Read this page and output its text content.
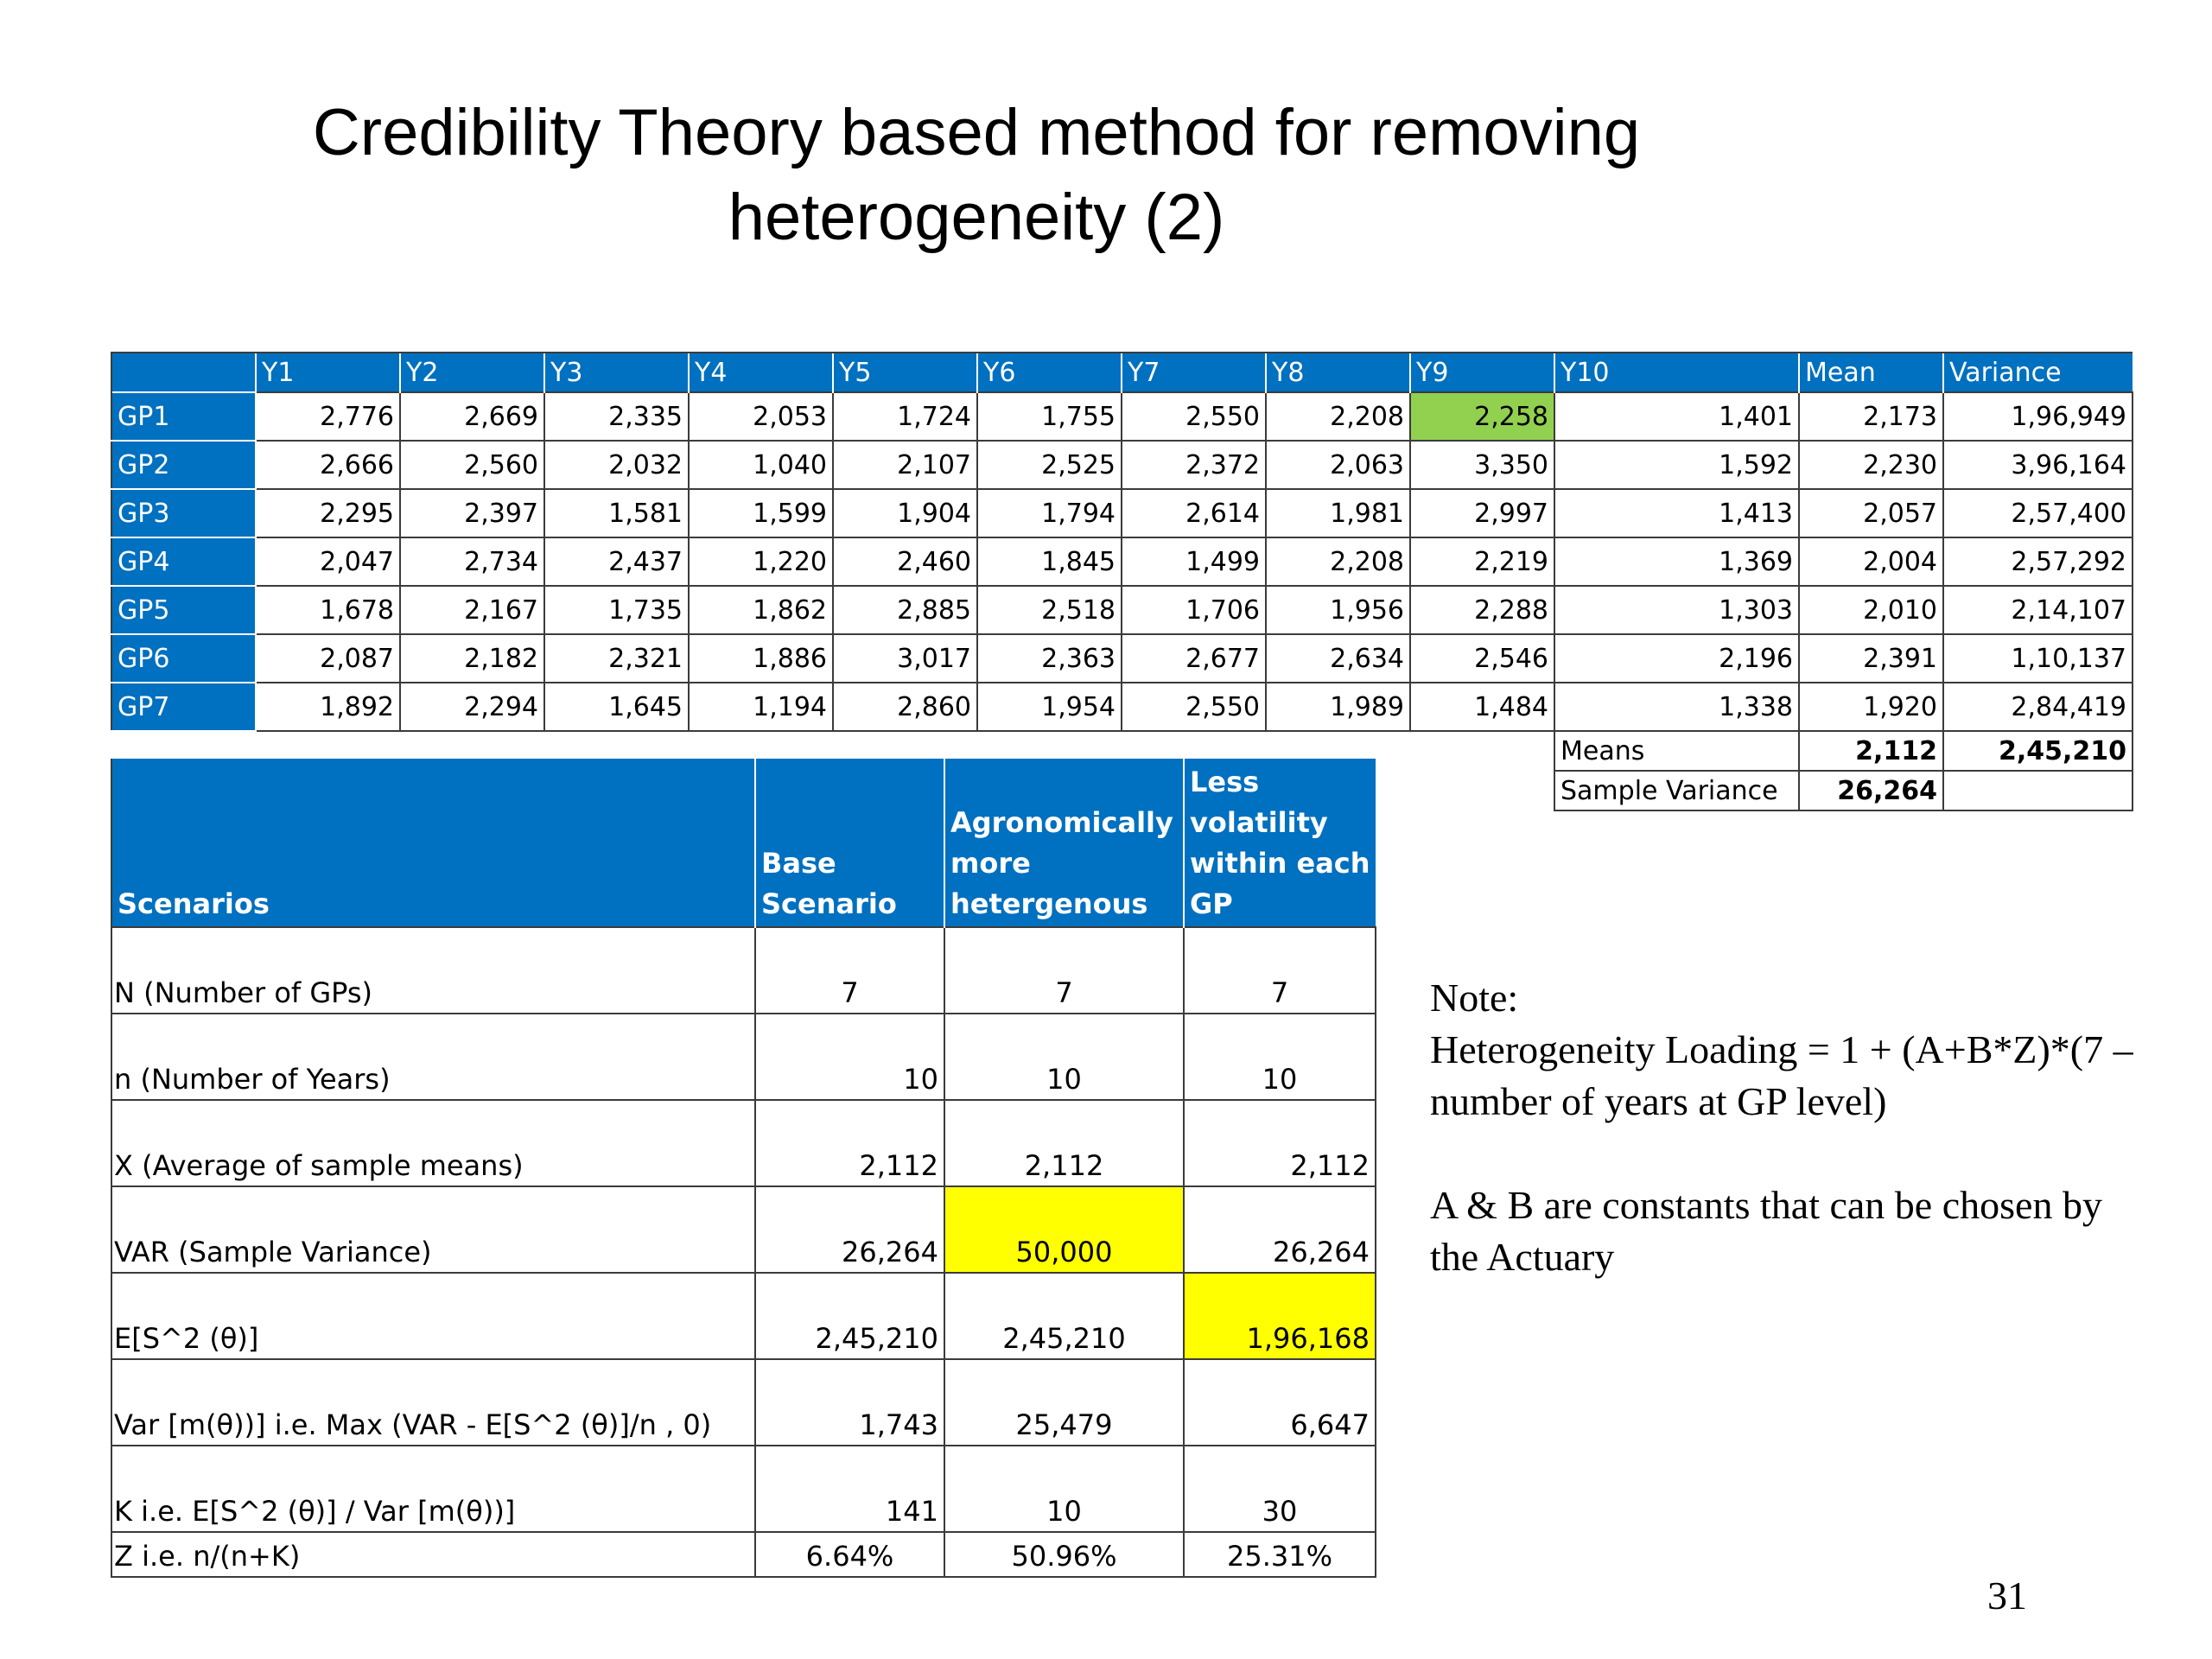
Credibility Theory based method for removing
heterogeneity (2)
	Y1	Y2	Y3	Y4	Y5	Y6	Y7	Y8	Y9	Y10	Mean	Variance
GP1	2,776	2,669	2,335	2,053	1,724	1,755	2,550	2,208	2,258	1,401	2,173	1,96,949
GP2	2,666	2,560	2,032	1,040	2,107	2,525	2,372	2,063	3,350	1,592	2,230	3,96,164
GP3	2,295	2,397	1,581	1,599	1,904	1,794	2,614	1,981	2,997	1,413	2,057	2,57,400
GP4	2,047	2,734	2,437	1,220	2,460	1,845	1,499	2,208	2,219	1,369	2,004	2,57,292
GP5	1,678	2,167	1,735	1,862	2,885	2,518	1,706	1,956	2,288	1,303	2,010	2,14,107
GP6	2,087	2,182	2,321	1,886	3,017	2,363	2,677	2,634	2,546	2,196	2,391	1,10,137
GP7	1,892	2,294	1,645	1,194	2,860	1,954	2,550	1,989	1,484	1,338	1,920	2,84,419
										Means	2,112	2,45,210
										Sample Variance	26,264	
Scenarios	Base Scenario	Agronomically more hetergenous	Less volatility within each GP
N (Number of GPs)	7	7	7
n (Number of Years)	10	10	10
X (Average of sample means)	2,112	2,112	2,112
VAR (Sample Variance)	26,264	50,000	26,264
E[S^2 (θ)]	2,45,210	2,45,210	1,96,168
Var [m(θ))] i.e. Max (VAR - E[S^2 (θ)]/n , 0)	1,743	25,479	6,647
K i.e. E[S^2 (θ)] / Var [m(θ))]	141	10	30
Z i.e. n/(n+K)	6.64%	50.96%	25.31%

Note:

Heterogeneity Loading = 1 + (A+B*Z)*(7 – number of years at GP level)

A & B are constants that can be chosen by the Actuary

31
